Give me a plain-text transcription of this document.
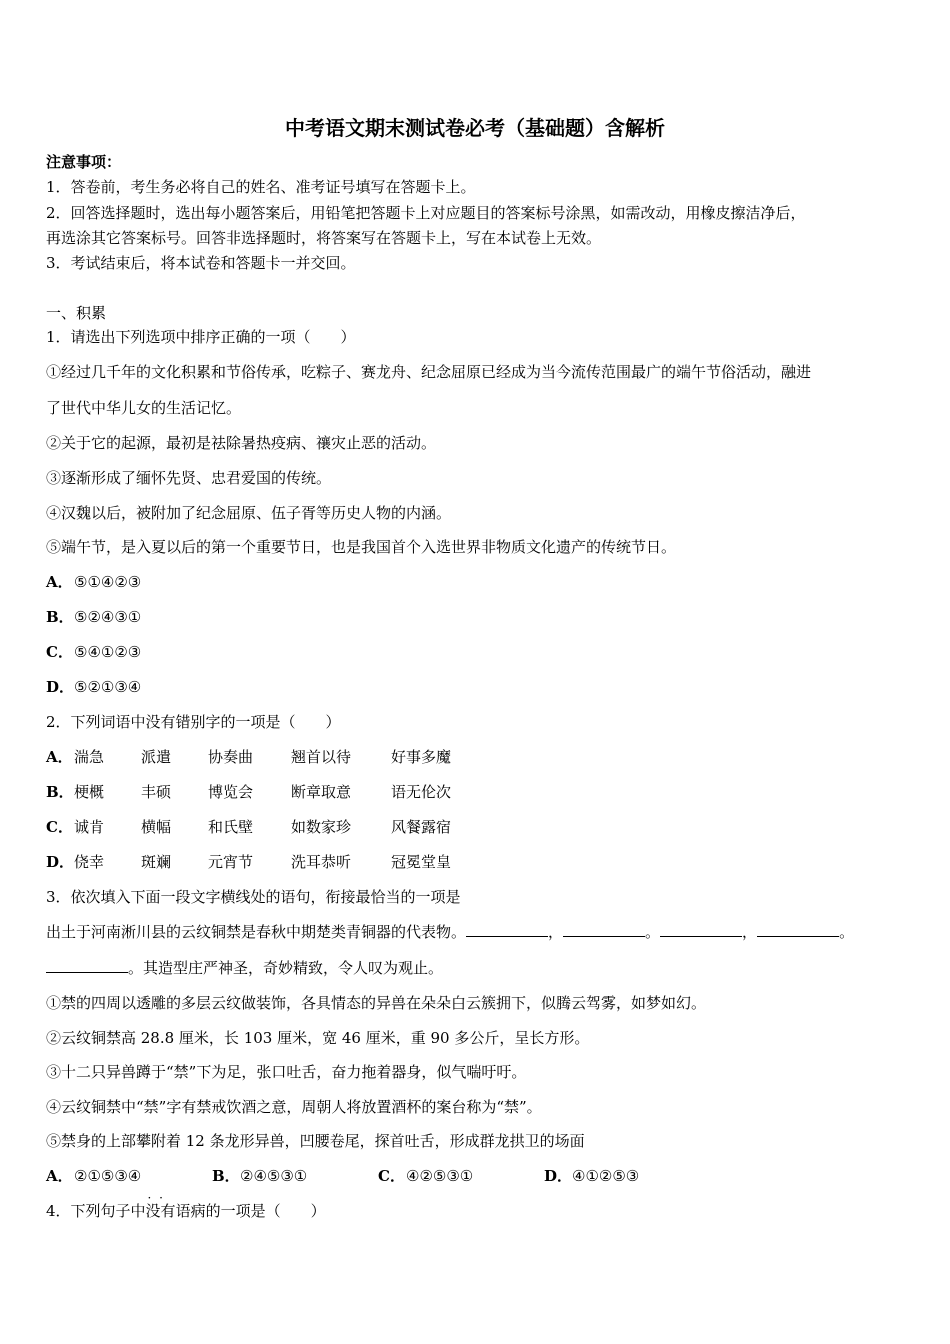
中考语文期末测试卷必考（基础题）含解析
注意事项：
1．答卷前，考生务必将自己的姓名、准考证号填写在答题卡上。
2．回答选择题时，选出每小题答案后，用铅笔把答题卡上对应题目的答案标号涂黑，如需改动，用橡皮擦洁净后，
再选涂其它答案标号。回答非选择题时，将答案写在答题卡上，写在本试卷上无效。
3．考试结束后，将本试卷和答题卡一并交回。
一、积累
1．请选出下列选项中排序正确的一项（　　）
①经过几千年的文化积累和节俗传承，吃粽子、赛龙舟、纪念屈原已经成为当今流传范围最广的端午节俗活动，融进
了世代中华儿女的生活记忆。
②关于它的起源，最初是祛除暑热疫病、禳灾止恶的活动。
③逐渐形成了缅怀先贤、忠君爱国的传统。
④汉魏以后，被附加了纪念屈原、伍子胥等历史人物的内涵。
⑤端午节，是入夏以后的第一个重要节日，也是我国首个入选世界非物质文化遗产的传统节日。
A．⑤①④②③
B．⑤②④③①
C．⑤④①②③
D．⑤②①③④
2．下列词语中没有错别字的一项是（　　）
A．湍急 派遣 协奏曲	翘首以待	好事多魔
B．梗概 丰硕 博览会	断章取意	语无伦次
C．诚肯 横幅 和氏壁	如数家珍	风餐露宿
D．侥幸 斑斓 元宵节	洗耳恭听	冠冕堂皇
3．依次填入下面一段文字横线处的语句，衔接最恰当的一项是
出土于河南淅川县的云纹铜禁是春秋中期楚类青铜器的代表物。	，	。	，	。
。其造型庄严神圣，奇妙精致，令人叹为观止。
①禁的四周以透雕的多层云纹做装饰，各具情态的异兽在朵朵白云簇拥下，似腾云驾雾，如梦如幻。
②云纹铜禁高 28.8 厘米，长 103 厘米，宽 46 厘米，重 90 多公斤，呈长方形。
③十二只异兽蹲于“禁”下为足，张口吐舌，奋力拖着器身，似气喘吁吁。
④云纹铜禁中“禁”字有禁戒饮酒之意，周朝人将放置酒杯的案台称为“禁”。
⑤禁身的上部攀附着 12 条龙形异兽，凹腰卷尾，探首吐舌，形成群龙拱卫的场面
A．②①⑤③④	B．②④⑤③①	C．④②⑤③①	D．④①②⑤③
4．下列句子中· · 没有语病的一项是（　　）
